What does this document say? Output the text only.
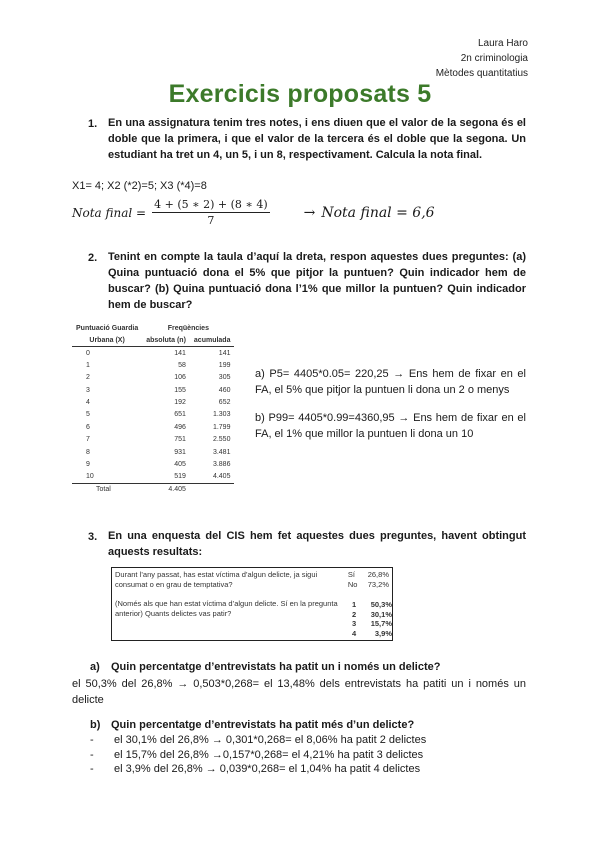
Laura Haro
2n criminologia
Mètodes quantitatius
Exercicis proposats 5
1. En una assignatura tenim tres notes, i ens diuen que el valor de la segona és el doble que la primera, i que el valor de la tercera és el doble que la segona. Un estudiant ha tret un 4, un 5, i un 8, respectivament. Calcula la nota final.
X1= 4; X2 (*2)=5; X3 (*4)=8
Nota final = $\frac{4 + (5 ∗ 2) + (8 ∗ 4)}{7}$ → Nota final = 6,6
2. Tenint en compte la taula d’aquí la dreta, respon aquestes dues preguntes: (a) Quina puntuació dona el 5% que pitjor la puntuen? Quin indicador hem de buscar? (b) Quina puntuació dona l’1% que millor la puntuen? Quin indicador hem de buscar?
Puntuació Guardia	Freqüències	
Urbana (X)	absoluta (n)	acumulada
0	141	141
1	58	199
2	106	305
3	155	460
4	192	652
5	651	1.303
6	496	1.799
7	751	2.550
8	931	3.481
9	405	3.886
10	519	4.405
Total	4.405	
a) P5= 4405*0.05= 220,25 → Ens hem de fixar en el FA, el 5% que pitjor la puntuen li dona un 2 o menys
b) P99= 4405*0.99=4360,95 → Ens hem de fixar en el FA, el 1% que millor la puntuen li dona un 10
3. En una enquesta del CIS hem fet aquestes dues preguntes, havent obtingut aquests resultats:
Durant l’any passat, has estat víctima d’algun delicte, ja sigui consumat o en grau de temptativa?	Sí	26,8%
	No	73,2%
(Només als que han estat víctima d’algun delicte. Sí en la pregunta anterior) Quants delictes vas patir?
1 50,3%
2 30,1%
3 15,7%
4 3,9%
a) Quin percentatge d’entrevistats ha patit un i només un delicte?
el 50,3% del 26,8% → 0,503*0,268= el 13,48% dels entrevistats ha patiti un i només un delicte
b) Quin percentatge d’entrevistats ha patit més d’un delicte?
- el 30,1% del 26,8% → 0,301*0,268= el 8,06% ha patit 2 delictes
- el 15,7% del 26,8% →0,157*0,268= el 4,21% ha patit 3 delictes
- el 3,9% del 26,8% → 0,039*0,268= el 1,04% ha patit 4 delictes
